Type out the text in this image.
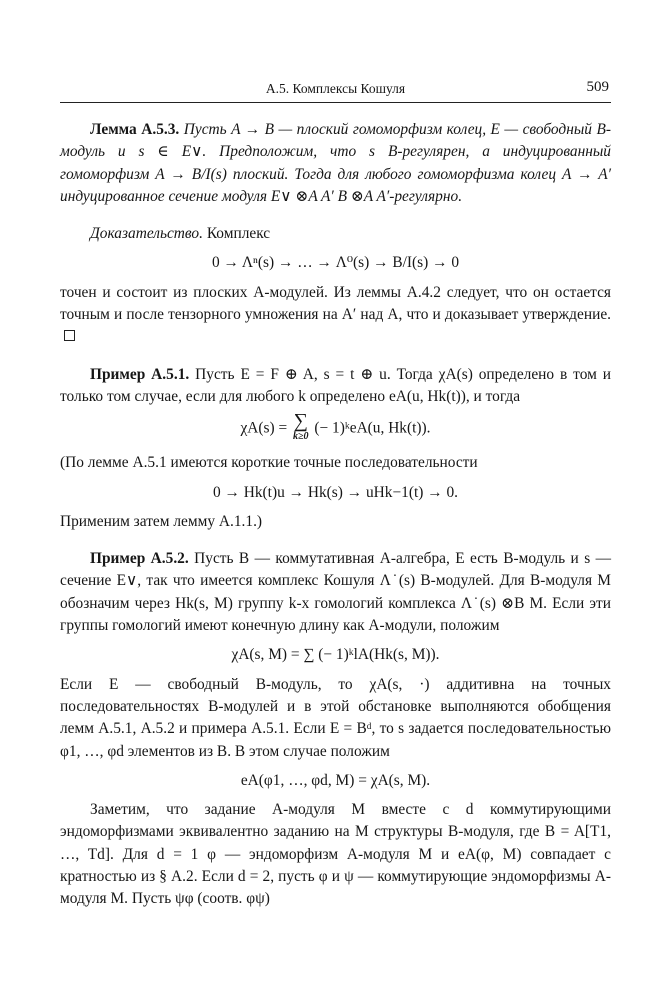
А.5. Комплексы Кошуля	509

Лемма А.5.3. Пусть A → B — плоский гомоморфизм колец, E — свободный B-модуль и s ∈ E∨. Предположим, что s B-регулярен, а индуцированный гомоморфизм A → B/I(s) плоский. Тогда для любого гомоморфизма колец A → A′ индуцированное сечение модуля E∨ ⊗A A′ B ⊗A A′-регулярно.

Доказательство. Комплекс

0 → Λⁿ(s) → … → Λ⁰(s) → B/I(s) → 0

точен и состоит из плоских A-модулей. Из леммы А.4.2 следует, что он остается точным и после тензорного умножения на A′ над A, что и доказывает утверждение.

Пример А.5.1. Пусть E = F ⊕ A, s = t ⊕ u. Тогда χA(s) определено в том и только том случае, если для любого k определено eA(u, Hk(t)), и тогда

χA(s) = ∑
k≥0 (− 1)ᵏeA(u, Hk(t)).

(По лемме А.5.1 имеются короткие точные последовательности

0 → Hk(t)u → Hk(s) → uHk−1(t) → 0.

Применим затем лемму А.1.1.)

Пример А.5.2. Пусть B — коммутативная A-алгебра, E есть B-модуль и s — сечение E∨, так что имеется комплекс Кошуля Λ˙(s) B-модулей. Для B-модуля M обозначим через Hk(s, M) группу k-х гомологий комплекса Λ˙(s) ⊗B M. Если эти группы гомологий имеют конечную длину как A-модули, положим

χA(s, M) = ∑ (− 1)ᵏlA(Hk(s, M)).

Если E — свободный B-модуль, то χA(s, ·) аддитивна на точных последовательностях B-модулей и в этой обстановке выполняются обобщения лемм А.5.1, А.5.2 и примера А.5.1. Если E = Bᵈ, то s задается последовательностью φ1, …, φd элементов из B. В этом случае положим

eA(φ1, …, φd, M) = χA(s, M).

Заметим, что задание A-модуля M вместе с d коммутирующими эндоморфизмами эквивалентно заданию на M структуры B-модуля, где B = A[T1, …, Td]. Для d = 1 φ — эндоморфизм A-модуля M и eA(φ, M) совпадает с кратностью из § А.2. Если d = 2, пусть φ и ψ — коммутирующие эндоморфизмы A-модуля M. Пусть ψφ (соотв. φψ)
